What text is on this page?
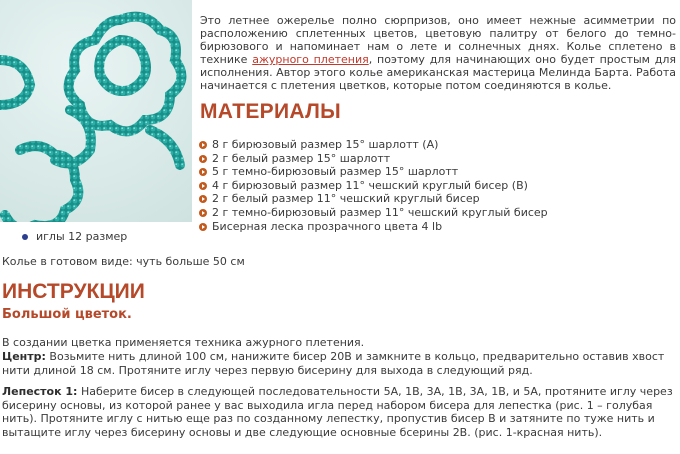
Это летнее ожерелье полно сюрпризов, оно имеет нежные асимметрии по расположению сплетенных цветов, цветовую палитру от белого до темно-бирюзового и напоминает нам о лете и солнечных днях. Колье сплетено в технике ажурного плетения, поэтому для начинающих оно будет простым для исполнения. Автор этого колье американская мастерица Мелинда Барта. Работа начинается с плетения цветков, которые потом соединяются в колье.
МАТЕРИАЛЫ
8 г бирюзовый размер 15° шарлотт (A)
2 г белый размер 15° шарлотт
5 г темно-бирюзовый размер 15° шарлотт
4 г бирюзовый размер 11° чешский круглый бисер (B)
2 г белый размер 11° чешский круглый бисер
2 г темно-бирюзовый размер 11° чешский круглый бисер
Бисерная леска прозрачного цвета 4 lb
иглы 12 размер
Колье в готовом виде: чуть больше 50 см
ИНСТРУКЦИИ
Большой цветок.
В создании цветка применяется техника ажурного плетения.
Центр: Возьмите нить длиной 100 см, нанижите бисер 20B и замкните в кольцо, предварительно оставив хвост нити длиной 18 см. Протяните иглу через первую бисерину для выхода в следующий ряд.
Лепесток 1: Наберите бисер в следующей последовательности 5A, 1B, 3A, 1B, 3A, 1B, и 5A, протяните иглу через бисерину основы, из которой ранее у вас выходила игла перед набором бисера для лепестка (рис. 1 – голубая нить). Протяните иглу с нитью еще раз по созданному лепестку, пропустив бисер B и затяните по туже нить и вытащите иглу через бисерину основы и две следующие основные бсерины 2B. (рис. 1-красная нить).
